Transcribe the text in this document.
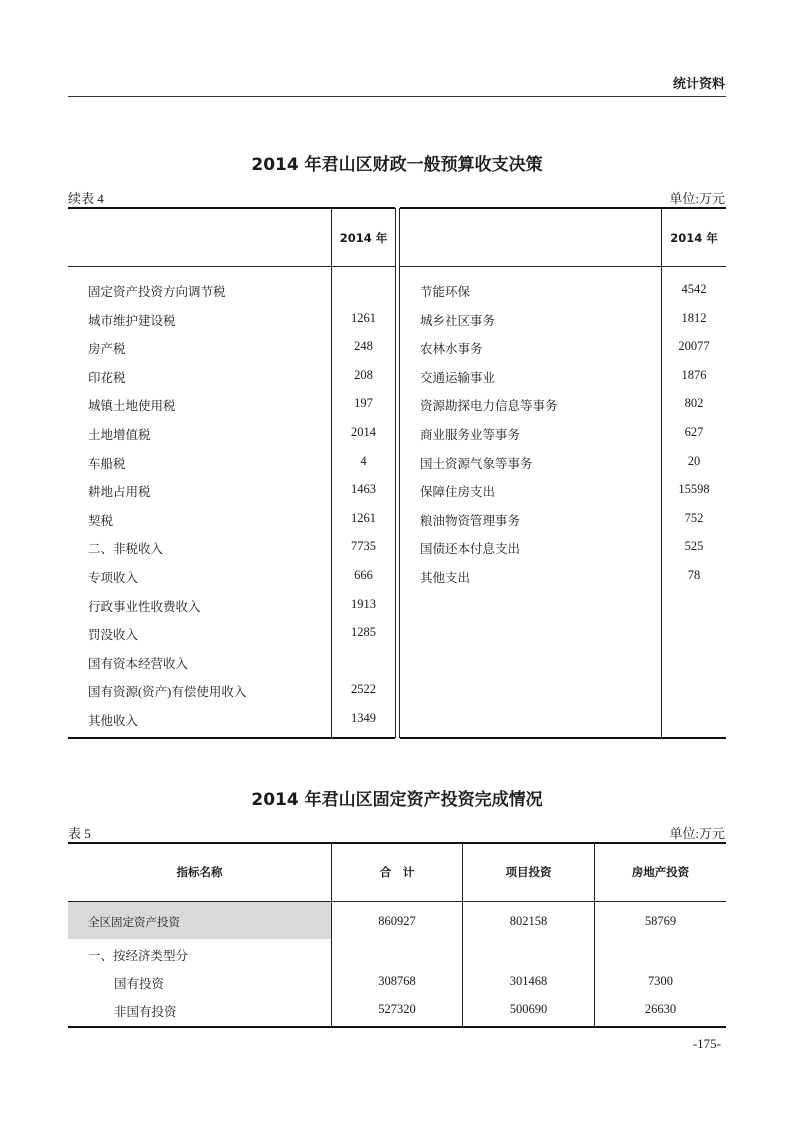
统计资料
2014 年君山区财政一般预算收支决策
续表 4	单位:万元
2014 年	2014 年
固定资产投资方向调节税
城市维护建设税	1261
房产税	248
印花税	208
城镇土地使用税	197
土地增值税	2014
车船税	4
耕地占用税	1463
契税	1261
二、非税收入	7735
专项收入	666
行政事业性收费收入	1913
罚没收入	1285
国有资本经营收入
国有资源(资产)有偿使用收入	2522
其他收入	1349
节能环保	4542
城乡社区事务	1812
农林水事务	20077
交通运输事业	1876
资源勘探电力信息等事务	802
商业服务业等事务	627
国土资源气象等事务	20
保障住房支出	15598
粮油物资管理事务	752
国债还本付息支出	525
其他支出	78
2014 年君山区固定资产投资完成情况
表 5	单位:万元
指标名称	合　计	项目投资	房地产投资
全区固定资产投资	860927	802158	58769
一、按经济类型分
国有投资	308768	301468	7300
非国有投资	527320	500690	26630
-175-
